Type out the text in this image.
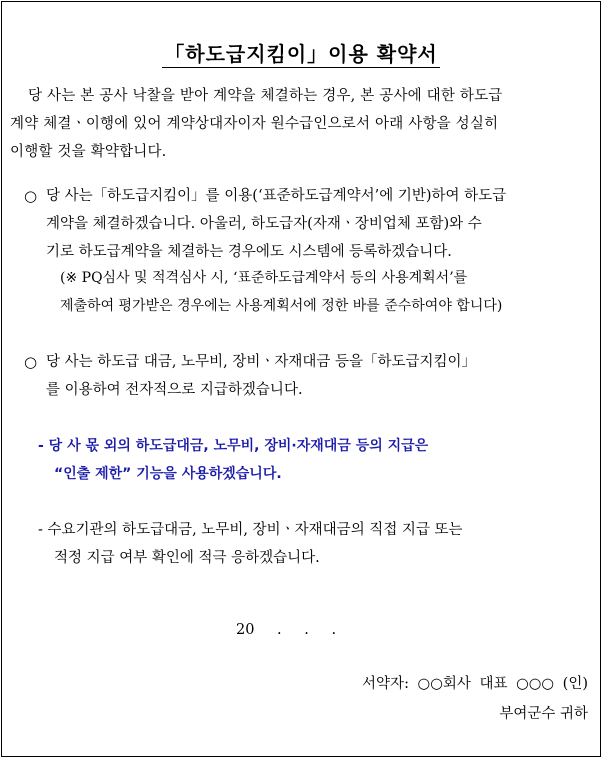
「하도급지킴이」이용 확약서
당 사는 본 공사 낙찰을 받아 계약을 체결하는 경우, 본 공사에 대한 하도급
계약 체결ㆍ이행에 있어 계약상대자이자 원수급인으로서 아래 사항을 성실히
이행할 것을 확약합니다.
○ 당 사는「하도급지킴이」를 이용(‘표준하도급계약서’에 기반)하여 하도급
계약을 체결하겠습니다. 아울러, 하도급자(자재ㆍ장비업체 포함)와 수
기로 하도급계약을 체결하는 경우에도 시스템에 등록하겠습니다.
(※ PQ심사 및 적격심사 시, ‘표준하도급계약서 등의 사용계획서’를
제출하여 평가받은 경우에는 사용계획서에 정한 바를 준수하여야 합니다)
○ 당 사는 하도급 대금, 노무비, 장비ㆍ자재대금 등을「하도급지킴이」
를 이용하여 전자적으로 지급하겠습니다.
- 당 사 몫 외의 하도급대금, 노무비, 장비·자재대금 등의 지급은
“인출 제한” 기능을 사용하겠습니다.
- 수요기관의 하도급대금, 노무비, 장비ㆍ자재대금의 직접 지급 또는
적정 지급 여부 확인에 적극 응하겠습니다.
20 . . .
서약자: ○○회사 대표 ○○○ (인)
부여군수 귀하
